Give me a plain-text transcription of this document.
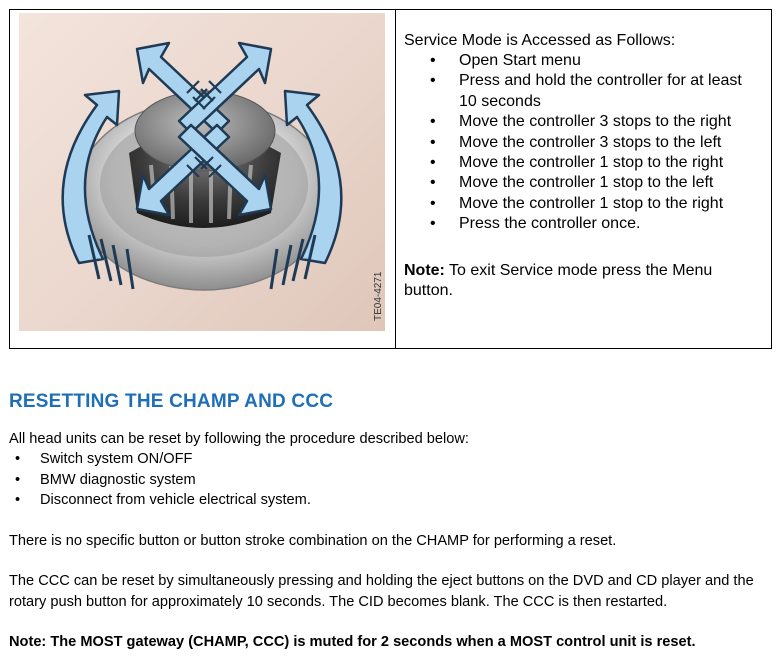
TE04-4271

Service Mode is Accessed as Follows:

• Open Start menu
• Press and hold the controller for at least 10 seconds
• Move the controller 3 stops to the right
• Move the controller 3 stops to the left
• Move the controller 1 stop to the right
• Move the controller 1 stop to the left
• Move the controller 1 stop to the right
• Press the controller once.

Note: To exit Service mode press the Menu button.

RESETTING THE CHAMP AND CCC

All head units can be reset by following the procedure described below:

• Switch system ON/OFF
• BMW diagnostic system
• Disconnect from vehicle electrical system.

There is no specific button or button stroke combination on the CHAMP for performing a reset.

The CCC can be reset by simultaneously pressing and holding the eject buttons on the DVD and CD player and the rotary push button for approximately 10 seconds. The CID becomes blank. The CCC is then restarted.

Note: The MOST gateway (CHAMP, CCC) is muted for 2 seconds when a MOST control unit is reset.
